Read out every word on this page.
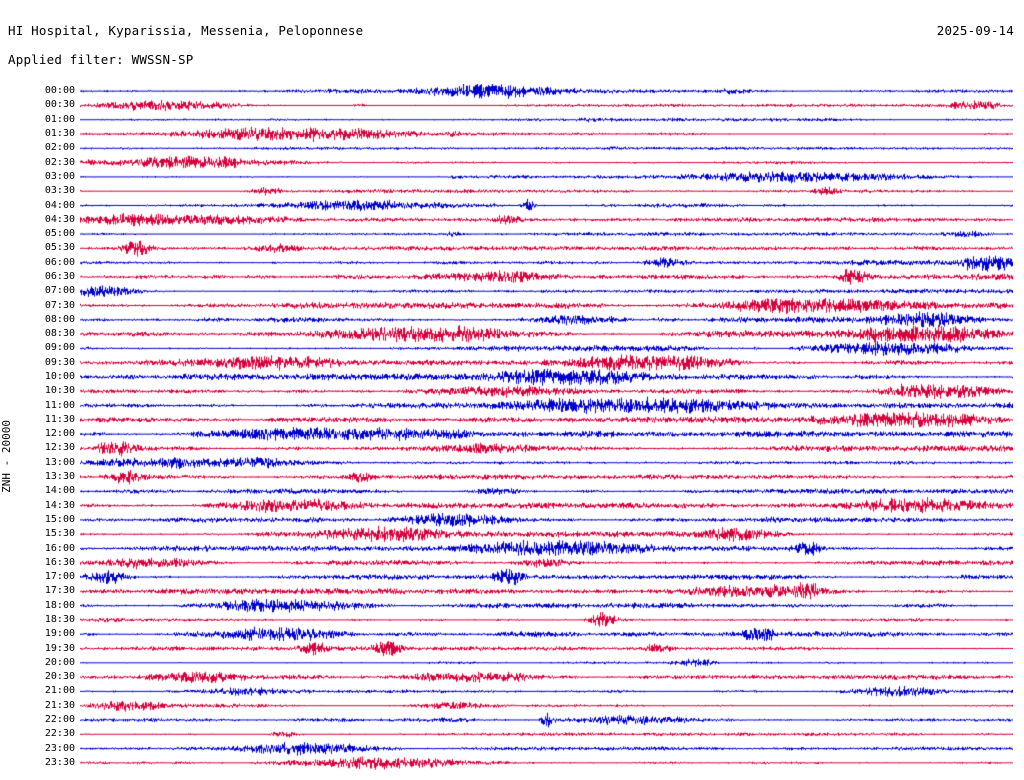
HI Hospital, Kyparissia, Messenia, Peloponnese	2025-09-14
Applied filter: WWSSN-SP
ZNH - 20000
00:00
00:30
01:00
01:30
02:00
02:30
03:00
03:30
04:00
04:30
05:00
05:30
06:00
06:30
07:00
07:30
08:00
08:30
09:00
09:30
10:00
10:30
11:00
11:30
12:00
12:30
13:00
13:30
14:00
14:30
15:00
15:30
16:00
16:30
17:00
17:30
18:00
18:30
19:00
19:30
20:00
20:30
21:00
21:30
22:00
22:30
23:00
23:30
